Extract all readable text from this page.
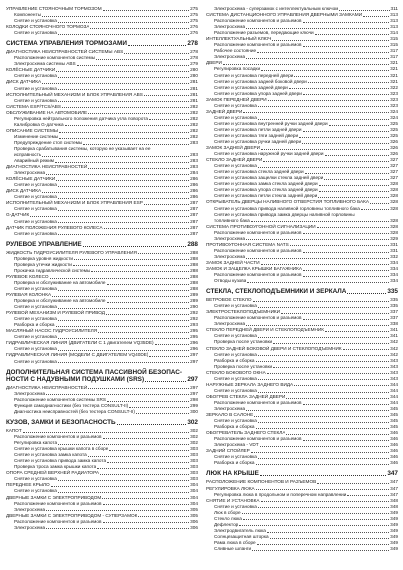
УПРАВЛЕНИЕ СТОЯНОЧНЫМ ТОРМОЗОМ	275
Компоненты	275
Снятие и установка	275
КОЛОДКИ СТОЯНОЧНОГО ТОРМОЗА	276
Снятие и установка	276
СИСТЕМА УПРАВЛЕНИЯ ТОРМОЗАМИ	278
ДИАГНОСТИКА НЕИСПРАВНОСТЕЙ СИСТЕМЫ ABS	278
Расположение компонентов системы	278
Электросхема системы ABS	279
КОЛЁСНЫЕ ДАТЧИКИ	280
Снятие и установка	280
ДИСК ДАТЧИКА	281
Снятие и установка	281
ИСПОЛНИТЕЛЬНЫЙ МЕХАНИЗМ И БЛОК УПРАВЛЕНИЯ ABS	281
Снятие и установка	281
СИСТЕМА ESP/TCS/ABS	282
ОБСЛУЖИВАНИЕ НА АВТОМОБИЛЕ	282
Регулировка нейтрального положения датчика угла поворота	282
Калибровка G-датчика	282
ОПИСАНИЕ СИСТЕМЫ	282
Изменение системы	282
Предупреждение стоп системы	283
Проверка срабатывания системы, которую не указывает на ее
исправность	283
Аварийный режим	283
ДИАГНОСТИКА НЕИСПРАВНОСТЕЙ	283
Электросхема	284
КОЛЁСНЫЕ ДАТЧИКИ	286
Снятие и установка	286
ДИСК ДАТЧИКА	286
Снятие и установка	286
ИСПОЛНИТЕЛЬНЫЙ МЕХАНИЗМ И БЛОК УПРАВЛЕНИЯ ESP	287
Снятие и установка	287
G-ДАТЧИК	287
Снятие и установка	287
ДАТЧИК ПОЛОЖЕНИЯ РУЛЕВОГО КОЛЕСА	287
Снятие и установка	287
РУЛЕВОЕ УПРАВЛЕНИЕ	288
ЖИДКОСТЬ ГИДРОУСИЛИТЕЛЯ РУЛЕВОГО УПРАВЛЕНИЯ	288
Проверка уровня жидкости	288
Проверка утечки жидкости	288
Прокачка гидравлической системы	288
РУЛЕВОЕ КОЛЕСО	288
Проверка и обслуживание на автомобиле	288
Снятие и установка	288
РУЛЕВАЯ КОЛОНКА	289
Проверка и обслуживание на автомобиле	289
Снятие и установка	290
РУЛЕВОЙ МЕХАНИЗМ И РУЛЕВОЙ ПРИВОД	292
Снятие и установка	292
Разборка и сборка	293
МАСЛЯНЫЙ НАСОС ГИДРОУСИЛИТЕЛЯ	295
Снятие и установка	295
ГИДРАВЛИЧЕСКАЯ ЛИНИЯ (ДВИГАТЕЛИ С 1 двигателем VQ35DE)	296
Снятие и установка	296
ГИДРАВЛИЧЕСКАЯ ЛИНИЯ (МОДЕЛИ С ДВИГАТЕЛЕМ VQ40DE)	297
Снятие и установка	297
ДОПОЛНИТЕЛЬНАЯ СИСТЕМА ПАССИВНОЙ БЕЗОПАС-
НОСТИ С НАДУВНЫМИ ПОДУШКАМИ (SRS)	297
ДИАГНОСТИКА НЕИСПРАВНОСТЕЙ	297
Электросхема	297
Расположение компонентов системы SRS	298
Функция самодиагностики (без тестера CONSULT-II)	299
Диагностика неисправностей (без тестера CONSULT-II)	300
КУЗОВ, ЗАМКИ И БЕЗОПАСНОСТЬ	302
КАПОТ	302
Расположение компонентов и разъемов	302
Регулировка капота	302
Снятие и установка крышки капота в сборе	303
Снятие и установка замка капота	303
Снятие и установка привода замка капота	303
Проверка троса замка крышки капота	303
ОПОРА СРЕДНЕЙ ВЕРХНЕЙ РАДИАТОРА	303
Снятие и установка	303
ПЕРЕДНЕЕ КРЫЛО	304
Снятие и установка	304
ДВЕРНЫЕ ЗАМКИ С ЭЛЕКТРОПРИВОДОМ	304
Расположение компонентов и разъемов	304
Электросхема	305
ДВЕРНЫЕ ЗАМКИ С ЭЛЕКТРОПРИВОДОМ - СУПЕРЗАМОК	305
Расположение компонентов и разъемов	306
Электросхема	306
Электросхема - суперзамок с интеллектуальным ключом	311
СИСТЕМА ДИСТАНЦИОННОГО УПРАВЛЕНИЯ ДВЕРНЫМИ ЗАМКАМИ	313
Расположение компонентов и разъемов	313
Электросхема	313
Расположение разъемов, передающие ключи	314
ИНТЕЛЛЕКТУАЛЬНЫЙ КЛЮЧ	315
Расположение компонентов и разъемов	315
Рабочее состояние	317
Электросхема	317
ДВЕРИ	321
Регулировка посадки	321
Снятие и установка передней двери	321
Снятие и установка задней боковой двери	321
Снятие и установка задней двери	322
Снятие и установка упора задней двери	323
ЗАМОК ПЕРЕДНЕЙ ДВЕРИ	323
Снятие и установка	323
ЗАДНЕЙ ДВЕРИ	324
Снятие и установка	324
Снятие и установка внутренней ручки задней двери	325
Снятие и установка петли задней двери	325
Снятие и установка тяги задней двери	325
Снятие и установка ручки задней двери	326
ЗАМОК ЗАДНЕЙ ДВЕРИ	326
Снятие и установка наружной ручки задней двери	326
СТЕКЛО ЗАДНЕЙ ДВЕРИ	327
Снятие и установка	327
Снятие и установка стекла задней двери	327
Снятие и установка защелки стекла задней двери	327
Снятие и установка замка стекла задней двери	328
Снятие и установка упора стекла задней двери	328
Снятие и установка петли стекла задней двери	328
ОТКРЫВАТЕЛЬ ДВЕРЦЫ НАЛИВНОГО ОТВЕРСТИЯ ТОПЛИВНОГО БАКА	328
Снятие и установка привода наливной горловины топливного бака	328
Снятие и установка привода замка дверцы наливной горловины
топливного бака	328
СИСТЕМА ПРОТИВОУГОННОЙ СИГНАЛИЗАЦИИ	328
Расположение компонентов и разъемов	328
Электросхема	329
ПРОТИВОУГОННАЯ СИСТЕМА NATS	331
Расположение компонентов и разъемов	331
Электросхема	332
ЗАМОК ЗАДНЕЙ ЧАСТИ	334
ЗАМОК И ЗАЩЕЛКА КРЫШКИ БАГАЖНИКА	334
Расположение компонентов и разъемов	334
Отводы кузова	334
СТЕКЛА, СТЕКЛОПОДЪЕМНИКИ И ЗЕРКАЛА	335
ВЕТРОВОЕ СТЕКЛО	335
Снятие и установка	335
ЭЛЕКТРОСТЕКЛОПОДЪЕМНИКИ	337
Расположение компонентов и разъемов	337
Электросхема	338
СТЕКЛО ПЕРЕДНЕЙ ДВЕРИ И СТЕКЛОПОДЪЕМНИК	341
Снятие и установка	341
Проверка после установки	342
СТЕКЛО ЗАДНЕЙ БОКОВОЙ ДВЕРИ И СТЕКЛОПОДЪЕМНИК	342
Снятие и установка	342
Разборка и сборка	343
Проверка после установки	343
СТЕКЛО БОКОВОГО ОКНА	343
Снятие и установка	343
НАРУЖНЫЕ ЗЕРКАЛА ЗАДНЕГО ВИДА	344
Снятие и установка	344
ОБОГРЕВ СТЕКЛА ЗАДНЕЙ ДВЕРИ	344
Расположение компонентов и разъемов	344
Электросхема	345
ЗЕРКАЛО В САЛОНЕ	345
Снятие и установка	345
Разборка и сборка	345
ОБОГРЕВАТЕЛЬ ЗАДНЕГО СТЕКЛА	346
Расположение компонентов и разъемов	346
Электросхема - VDT	346
ЗАДНИЙ СПОЙЛЕР	346
Снятие и установка	346
Разборка и сборка	346
ЛЮК НА КРЫШЕ	347
РАСПОЛОЖЕНИЕ КОМПОНЕНТОВ И РАЗЪЕМОВ	347
РЕГУЛИРОВКА ЛЮКА	347
Регулировка люка в продольном и поперечном направлении	347
СНЯТИЕ И УСТАНОВКА	348
Снятие и установка	348
Люк в сборе	349
Стекло люка	349
Дефлектор	349
Электродвигатель люка	349
Солнцезащитная шторка	349
Рама люка в сборе	349
Сливные шланги	349
